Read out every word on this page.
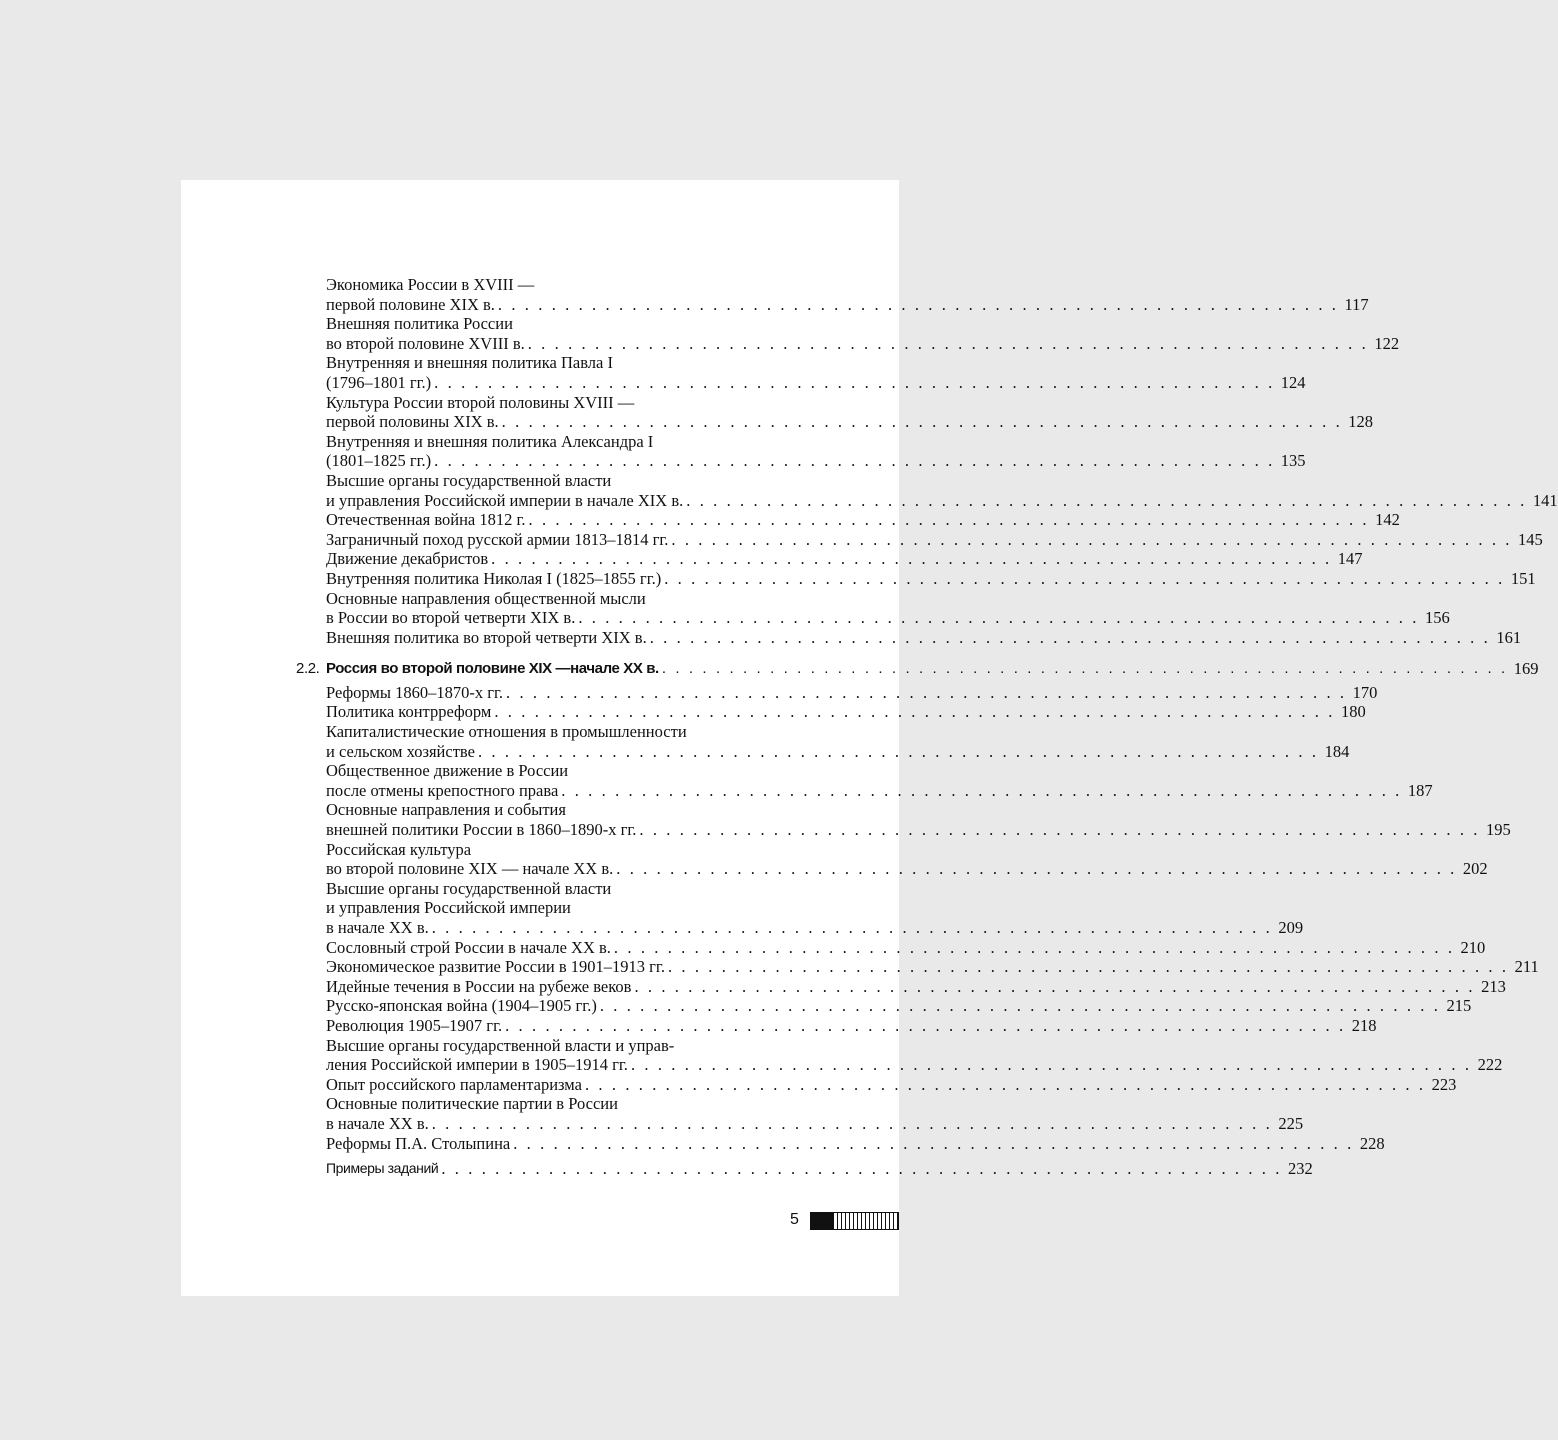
Экономика России в XVIII —
первой половине XIX в. . . . . . . . . . . . . . . . . . . . . . . . . . . . . . . . . . . . . . . . . . . . . . . . . . . . . . . . . . . . . . . . 117
Внешняя политика России
во второй половине XVIII в. . . . . . . . . . . . . . . . . . . . . . . . . . . . . . . . . . . . . . . . . . . . . . . . . . . . . . . . . . . . . . . . 122
Внутренняя и внешняя политика Павла I
(1796–1801 гг.) . . . . . . . . . . . . . . . . . . . . . . . . . . . . . . . . . . . . . . . . . . . . . . . . . . . . . . . . . . . . . . . 124
Культура России второй половины XVIII —
первой половины XIX в. . . . . . . . . . . . . . . . . . . . . . . . . . . . . . . . . . . . . . . . . . . . . . . . . . . . . . . . . . . . . . . . 128
Внутренняя и внешняя политика Александра I
(1801–1825 гг.) . . . . . . . . . . . . . . . . . . . . . . . . . . . . . . . . . . . . . . . . . . . . . . . . . . . . . . . . . . . . . . . 135
Высшие органы государственной власти
и управления Российской империи в начале XIX в. . . . . . . . . . . . . . . . . . . . . . . . . . . . . . . . . . . . . . . . . . . . . . . . . . . . . . . . . . . . . . . . 141
Отечественная война 1812 г. . . . . . . . . . . . . . . . . . . . . . . . . . . . . . . . . . . . . . . . . . . . . . . . . . . . . . . . . . . . . . . . 142
Заграничный поход русской армии 1813–1814 гг. . . . . . . . . . . . . . . . . . . . . . . . . . . . . . . . . . . . . . . . . . . . . . . . . . . . . . . . . . . . . . . . 145
Движение декабристов . . . . . . . . . . . . . . . . . . . . . . . . . . . . . . . . . . . . . . . . . . . . . . . . . . . . . . . . . . . . . . . 147
Внутренняя политика Николая I (1825–1855 гг.) . . . . . . . . . . . . . . . . . . . . . . . . . . . . . . . . . . . . . . . . . . . . . . . . . . . . . . . . . . . . . . . 151
Основные направления общественной мысли
в России во второй четверти XIX в. . . . . . . . . . . . . . . . . . . . . . . . . . . . . . . . . . . . . . . . . . . . . . . . . . . . . . . . . . . . . . . . 156
Внешняя политика во второй четверти XIX в. . . . . . . . . . . . . . . . . . . . . . . . . . . . . . . . . . . . . . . . . . . . . . . . . . . . . . . . . . . . . . . . 161
2.2. Россия во второй половине XIX —начале XX в. . . . . . . . . . . . . . . . . . . . . . . . . . . . . . . . . . . . . . . . . . . . . . . . . . . . . . . . . . . . . . . . 169
Реформы 1860–1870-х гг. . . . . . . . . . . . . . . . . . . . . . . . . . . . . . . . . . . . . . . . . . . . . . . . . . . . . . . . . . . . . . . . 170
Политика контрреформ . . . . . . . . . . . . . . . . . . . . . . . . . . . . . . . . . . . . . . . . . . . . . . . . . . . . . . . . . . . . . . . 180
Капиталистические отношения в промышленности
и сельском хозяйстве . . . . . . . . . . . . . . . . . . . . . . . . . . . . . . . . . . . . . . . . . . . . . . . . . . . . . . . . . . . . . . . 184
Общественное движение в России
после отмены крепостного права . . . . . . . . . . . . . . . . . . . . . . . . . . . . . . . . . . . . . . . . . . . . . . . . . . . . . . . . . . . . . . . 187
Основные направления и события
внешней политики России в 1860–1890-х гг. . . . . . . . . . . . . . . . . . . . . . . . . . . . . . . . . . . . . . . . . . . . . . . . . . . . . . . . . . . . . . . . 195
Российская культура
во второй половине XIX — начале XX в. . . . . . . . . . . . . . . . . . . . . . . . . . . . . . . . . . . . . . . . . . . . . . . . . . . . . . . . . . . . . . . . 202
Высшие органы государственной власти
и управления Российской империи
в начале XX в. . . . . . . . . . . . . . . . . . . . . . . . . . . . . . . . . . . . . . . . . . . . . . . . . . . . . . . . . . . . . . . . 209
Сословный строй России в начале XX в. . . . . . . . . . . . . . . . . . . . . . . . . . . . . . . . . . . . . . . . . . . . . . . . . . . . . . . . . . . . . . . . 210
Экономическое развитие России в 1901–1913 гг. . . . . . . . . . . . . . . . . . . . . . . . . . . . . . . . . . . . . . . . . . . . . . . . . . . . . . . . . . . . . . . . 211
Идейные течения в России на рубеже веков . . . . . . . . . . . . . . . . . . . . . . . . . . . . . . . . . . . . . . . . . . . . . . . . . . . . . . . . . . . . . . . 213
Русско-японская война (1904–1905 гг.) . . . . . . . . . . . . . . . . . . . . . . . . . . . . . . . . . . . . . . . . . . . . . . . . . . . . . . . . . . . . . . . 215
Революция 1905–1907 гг. . . . . . . . . . . . . . . . . . . . . . . . . . . . . . . . . . . . . . . . . . . . . . . . . . . . . . . . . . . . . . . . 218
Высшие органы государственной власти и управ-
ления Российской империи в 1905–1914 гг. . . . . . . . . . . . . . . . . . . . . . . . . . . . . . . . . . . . . . . . . . . . . . . . . . . . . . . . . . . . . . . . 222
Опыт российского парламентаризма . . . . . . . . . . . . . . . . . . . . . . . . . . . . . . . . . . . . . . . . . . . . . . . . . . . . . . . . . . . . . . . 223
Основные политические партии в России
в начале XX в. . . . . . . . . . . . . . . . . . . . . . . . . . . . . . . . . . . . . . . . . . . . . . . . . . . . . . . . . . . . . . . . 225
Реформы П.А. Столыпина . . . . . . . . . . . . . . . . . . . . . . . . . . . . . . . . . . . . . . . . . . . . . . . . . . . . . . . . . . . . . . . 228
Примеры заданий . . . . . . . . . . . . . . . . . . . . . . . . . . . . . . . . . . . . . . . . . . . . . . . . . . . . . . . . . . . . . . . 232
5
